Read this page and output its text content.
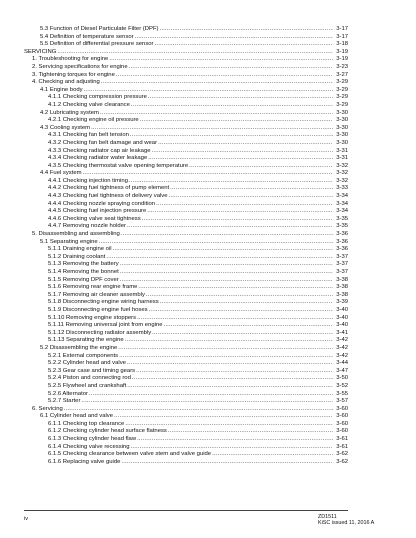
5.3 Function of Diesel Particulate Filter (DPF) .....	3-17
5.4 Definition of temperature sensor .....	3-17
5.5 Definition of differential pressure sensor .....	3-18
SERVICING .....	3-19
1. Troubleshooting for engine .....	3-19
2. Servicing specifications for engine .....	3-23
3. Tightening torques for engine .....	3-27
4. Checking and adjusting .....	3-29
4.1 Engine body .....	3-29
4.1.1 Checking compression pressure .....	3-29
4.1.2 Checking valve clearance .....	3-29
4.2 Lubricating system .....	3-30
4.2.1 Checking engine oil pressure .....	3-30
4.3 Cooling system .....	3-30
4.3.1 Checking fan belt tension .....	3-30
4.3.2 Checking fan belt damage and wear .....	3-30
4.3.3 Checking radiator cap air leakage .....	3-31
4.3.4 Checking radiator water leakage .....	3-31
4.3.5 Checking thermostat valve opening temperature .....	3-32
4.4 Fuel system .....	3-32
4.4.1 Checking injection timing .....	3-32
4.4.2 Checking fuel tightness of pump element .....	3-33
4.4.3 Checking fuel tightness of delivery valve .....	3-34
4.4.4 Checking nozzle spraying condition .....	3-34
4.4.5 Checking fuel injection pressure .....	3-34
4.4.6 Checking valve seat tightness .....	3-35
4.4.7 Removing nozzle holder .....	3-35
5. Disassembling and assembling .....	3-36
5.1 Separating engine .....	3-36
5.1.1 Draining engine oil .....	3-36
5.1.2 Draining coolant .....	3-37
5.1.3 Removing the battery .....	3-37
5.1.4 Removing the bonnet .....	3-37
5.1.5 Removing DPF cover .....	3-38
5.1.6 Removing rear engine frame .....	3-38
5.1.7 Removing air cleaner assembly .....	3-38
5.1.8 Disconnecting engine wiring harness .....	3-39
5.1.9 Disconnecting engine fuel hoses .....	3-40
5.1.10 Removing engine stoppers .....	3-40
5.1.11 Removing universal joint from engine .....	3-40
5.1.12 Disconnecting radiator assembly .....	3-41
5.1.13 Separating the engine .....	3-42
5.2 Disassembling the engine .....	3-42
5.2.1 External components .....	3-42
5.2.2 Cylinder head and valve .....	3-44
5.2.3 Gear case and timing gears .....	3-47
5.2.4 Piston and connecting rod .....	3-50
5.2.5 Flywheel and crankshaft .....	3-52
5.2.6 Alternator .....	3-55
5.2.7 Starter .....	3-57
6. Servicing .....	3-60
6.1 Cylinder head and valve .....	3-60
6.1.1 Checking top clearance .....	3-60
6.1.2 Checking cylinder head surface flatness .....	3-60
6.1.3 Checking cylinder head flaw .....	3-61
6.1.4 Checking valve recessing .....	3-61
6.1.5 Checking clearance between valve stem and valve guide .....	3-62
6.1.6 Replacing valve guide .....	3-62
iv	ZD1511
KiSC issued 11, 2016 A
